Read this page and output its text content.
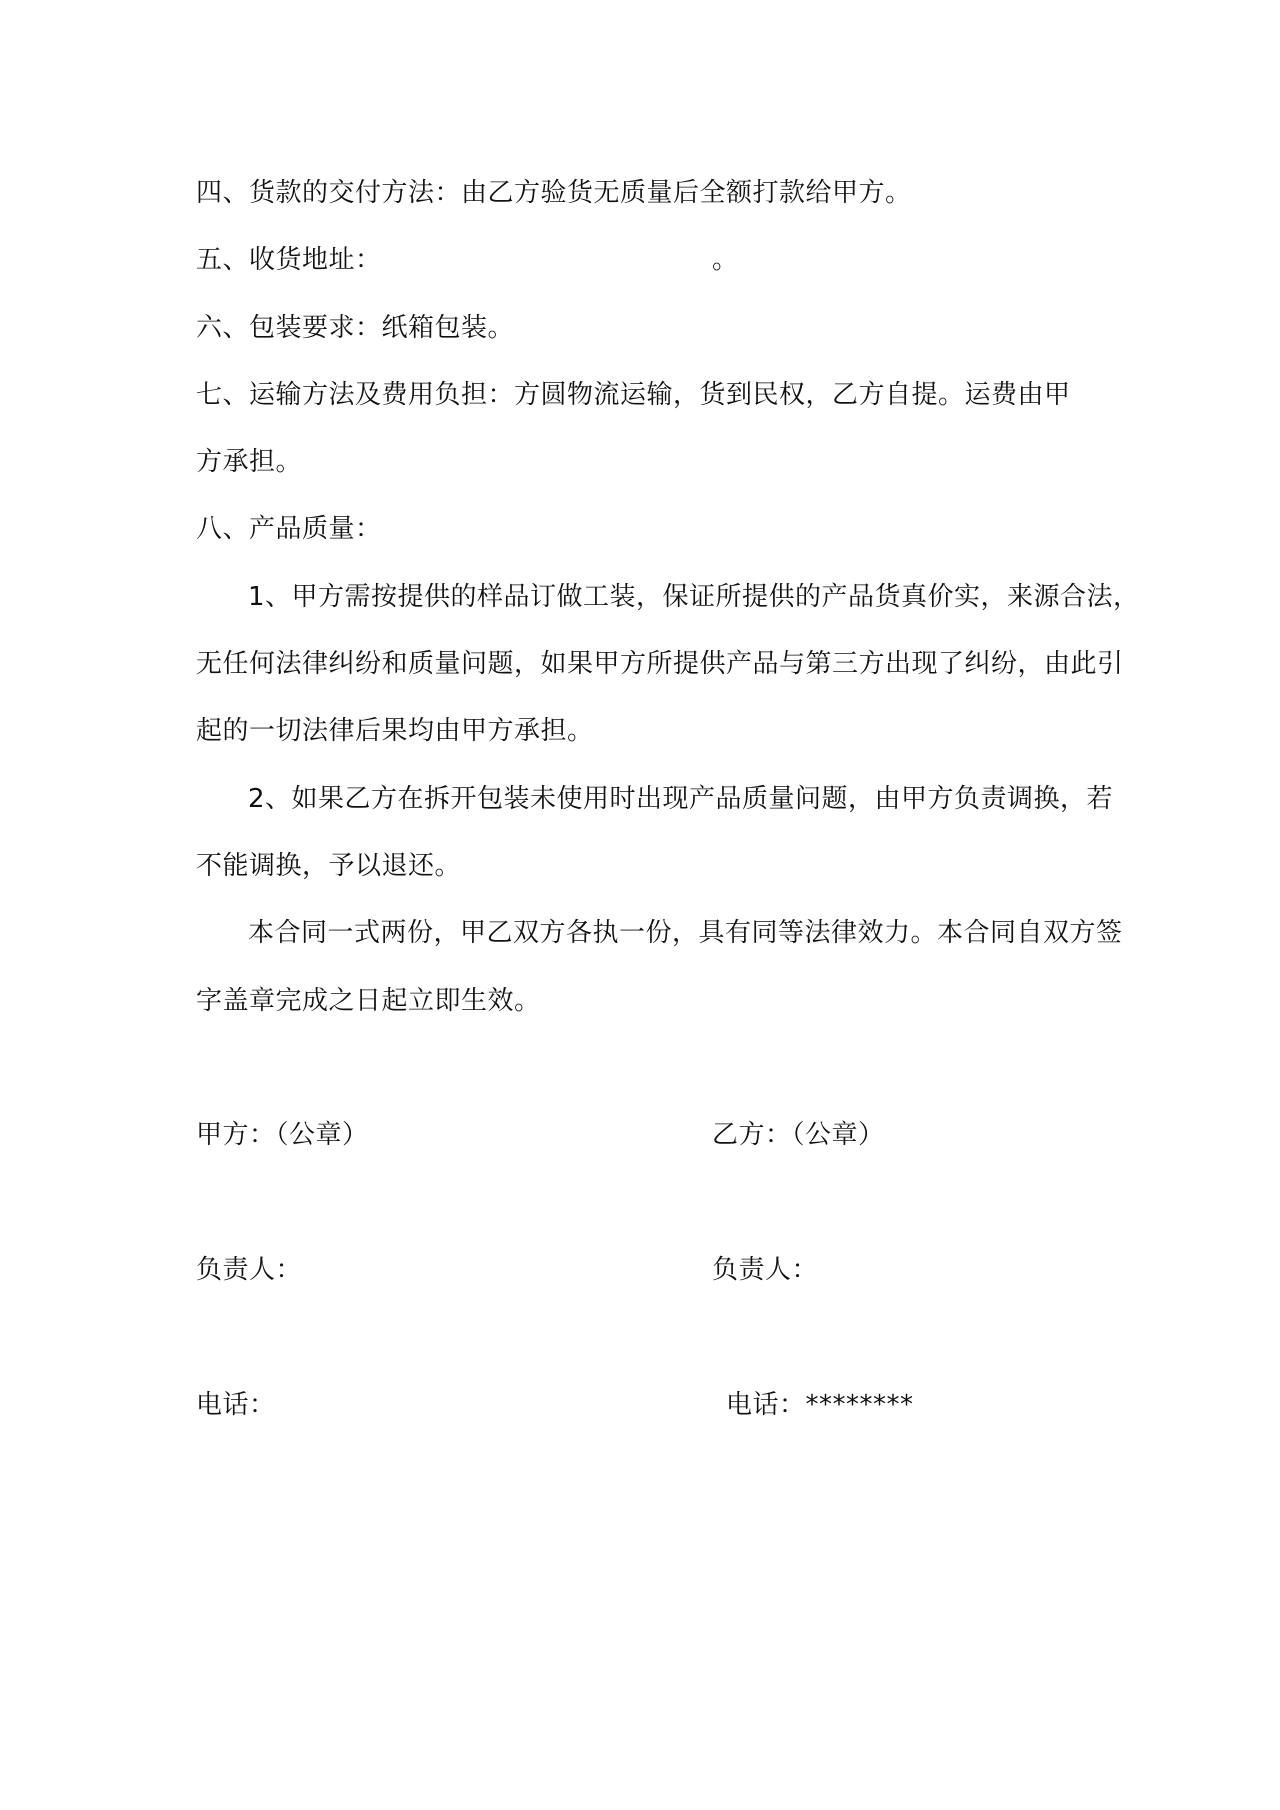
四、货款的交付方法：由乙方验货无质量后全额打款给甲方。
五、收货地址：	。
六、包装要求：纸箱包装。
七、运输方法及费用负担：方圆物流运输，货到民权，乙方自提。运费由甲
方承担。
八、产品质量：
1、甲方需按提供的样品订做工装，保证所提供的产品货真价实，来源合法，
无任何法律纠纷和质量问题，如果甲方所提供产品与第三方出现了纠纷，由此引
起的一切法律后果均由甲方承担。
2、如果乙方在拆开包装未使用时出现产品质量问题，由甲方负责调换，若
不能调换，予以退还。
本合同一式两份，甲乙双方各执一份，具有同等法律效力。本合同自双方签
字盖章完成之日起立即生效。
甲方：（公章）	乙方：（公章）
负责人：	负责人：
电话：	电话：********
